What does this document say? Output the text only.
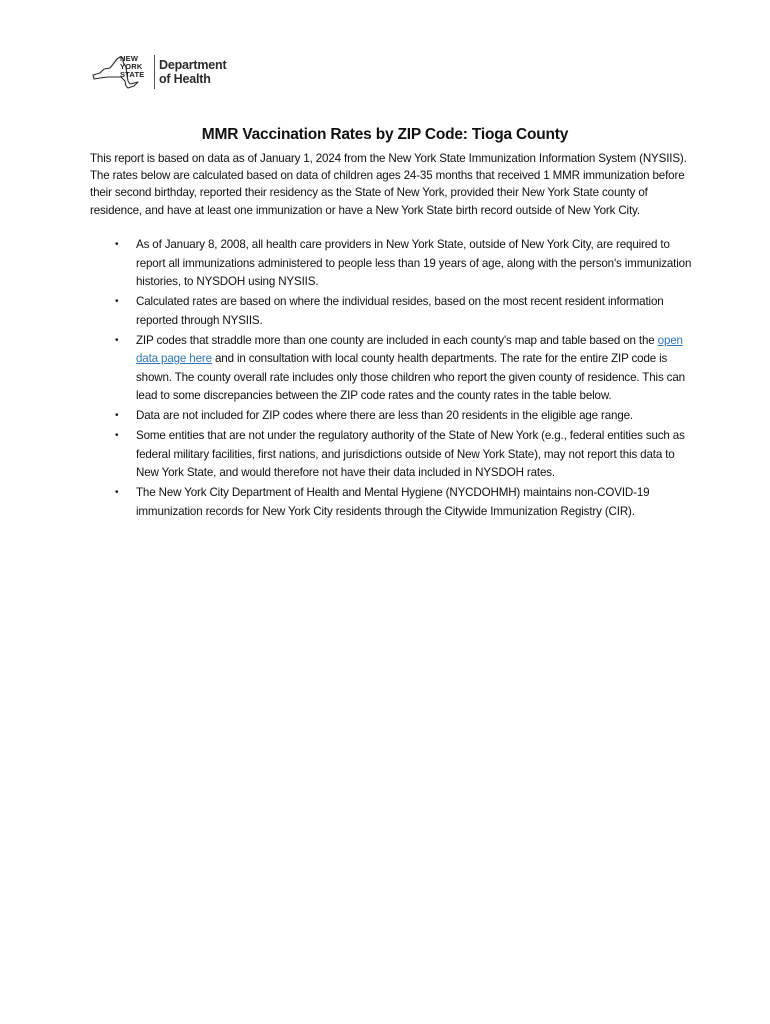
NEW
YORK
STATE
Department
of Health
MMR Vaccination Rates by ZIP Code: Tioga County
This report is based on data as of January 1, 2024 from the New York State Immunization Information System (NYSIIS). The rates below are calculated based on data of children ages 24-35 months that received 1 MMR immunization before their second birthday, reported their residency as the State of New York, provided their New York State county of residence, and have at least one immunization or have a New York State birth record outside of New York City.
• As of January 8, 2008, all health care providers in New York State, outside of New York City, are required to report all immunizations administered to people less than 19 years of age, along with the person's immunization histories, to NYSDOH using NYSIIS.
• Calculated rates are based on where the individual resides, based on the most recent resident information reported through NYSIIS.
• ZIP codes that straddle more than one county are included in each county's map and table based on the open data page here and in consultation with local county health departments. The rate for the entire ZIP code is shown. The county overall rate includes only those children who report the given county of residence. This can lead to some discrepancies between the ZIP code rates and the county rates in the table below.
• Data are not included for ZIP codes where there are less than 20 residents in the eligible age range.
• Some entities that are not under the regulatory authority of the State of New York (e.g., federal entities such as federal military facilities, first nations, and jurisdictions outside of New York State), may not report this data to New York State, and would therefore not have their data included in NYSDOH rates.
• The New York City Department of Health and Mental Hygiene (NYCDOHMH) maintains non-COVID-19 immunization records for New York City residents through the Citywide Immunization Registry (CIR).
